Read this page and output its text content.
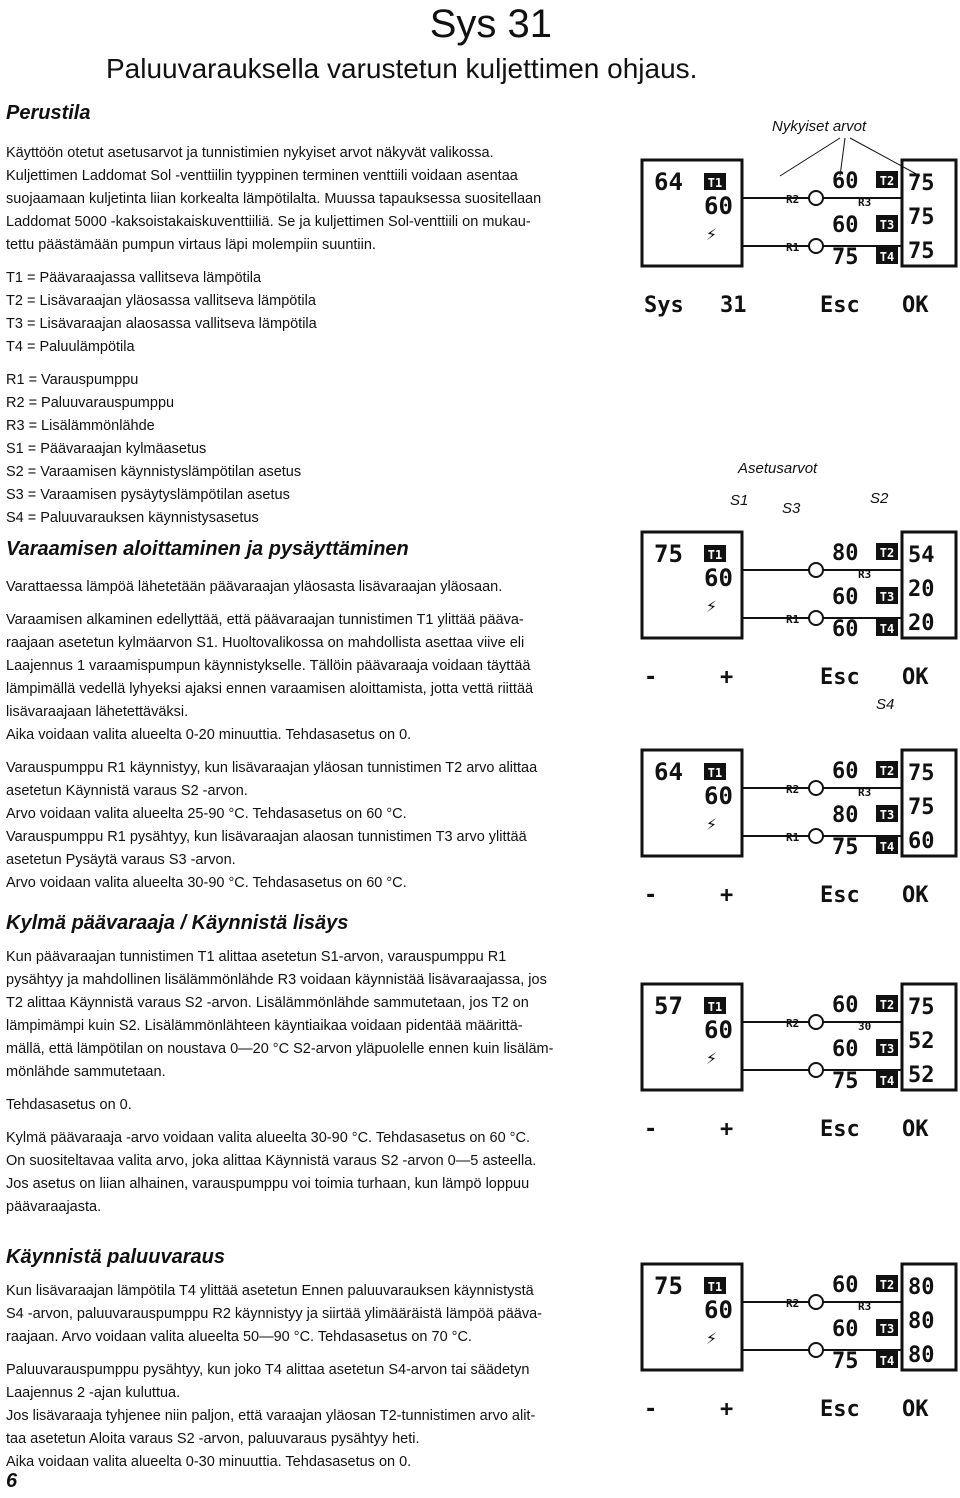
Sys 31
Paluuvarauksella varustetun kuljettimen ohjaus.
Perustila

Käyttöön otetut asetusarvot ja tunnistimien nykyiset arvot näkyvät valikossa.

Kuljettimen Laddomat Sol -venttiilin tyyppinen terminen venttiili voidaan asentaa

suojaamaan kuljetinta liian korkealta lämpötilalta. Muussa tapauksessa suositellaan

Laddomat 5000 -kaksoistakaiskuventtiiliä. Se ja kuljettimen Sol-venttiili on mukau-

tettu päästämään pumpun virtaus läpi molempiin suuntiin.

T1 = Päävaraajassa vallitseva lämpötila

T2 = Lisävaraajan yläosassa vallitseva lämpötila

T3 = Lisävaraajan alaosassa vallitseva lämpötila

T4 = Paluulämpötila

R1 = Varauspumppu

R2 = Paluuvarauspumppu

R3 = Lisälämmönlähde

S1 = Päävaraajan kylmäasetus

S2 = Varaamisen käynnistyslämpötilan asetus

S3 = Varaamisen pysäytyslämpötilan asetus

S4 = Paluuvarauksen käynnistysasetus

Varaamisen aloittaminen ja pysäyttäminen

Varattaessa lämpöä lähetetään päävaraajan yläosasta lisävaraajan yläosaan.

Varaamisen alkaminen edellyttää, että päävaraajan tunnistimen T1 ylittää päävа-

raajaan asetetun kylmäarvon S1. Huoltovalikossa on mahdollista asettaa viive eli

Laajennus 1 varaamispumpun käynnistykselle. Tällöin päävaraaja voidaan täyttää

lämpimällä vedellä lyhyeksi ajaksi ennen varaamisen aloittamista, jotta vettä riittää

lisävaraajaan lähetettäväksi.

Aika voidaan valita alueelta 0-20 minuuttia. Tehdasasetus on 0.

Varauspumppu R1 käynnistyy, kun lisävaraajan yläosan tunnistimen T2 arvo alittaa

asetetun Käynnistä varaus S2 -arvon.

Arvo voidaan valita alueelta 25-90 °C. Tehdasasetus on 60 °C.

Varauspumppu R1 pysähtyy, kun lisävaraajan alaosan tunnistimen T3 arvo ylittää

asetetun Pysäytä varaus S3 -arvon.

Arvo voidaan valita alueelta 30-90 °C. Tehdasasetus on 60 °C.

Kylmä päävaraaja / Käynnistä lisäys

Kun päävaraajan tunnistimen T1 alittaa asetetun S1-arvon, varauspumppu R1

pysähtyy ja mahdollinen lisälämmönlähde R3 voidaan käynnistää lisävaraajassa, jos

T2 alittaa Käynnistä varaus S2 -arvon. Lisälämmönlähde sammutetaan, jos T2 on

lämpimämpi kuin S2. Lisälämmönlähteen käyntiaikaa voidaan pidentää määrittä-

mällä, että lämpötilan on noustava 0—20 °C S2-arvon yläpuolelle ennen kuin lisäläm-

mönlähde sammutetaan.

Tehdasasetus on 0.

Kylmä päävaraaja -arvo voidaan valita alueelta 30-90 °C. Tehdasasetus on 60 °C.

On suositeltavaa valita arvo, joka alittaa Käynnistä varaus S2 -arvon 0—5 asteella.

Jos asetus on liian alhainen, varauspumppu voi toimia turhaan, kun lämpö loppuu

päävaraajasta.

Käynnistä paluuvaraus

Kun lisävaraajan lämpötila T4 ylittää asetetun Ennen paluuvarauksen käynnistystä

S4 -arvon, paluuvarauspumppu R2 käynnistyy ja siirtää ylimääräistä lämpöä päävа-

raajaan. Arvo voidaan valita alueelta 50—90 °C. Tehdasasetus on 70 °C.

Paluuvarauspumppu pysähtyy, kun joko T4 alittaa asetetun S4-arvon tai säädetyn

Laajennus 2 -ajan kuluttua.

Jos lisävaraaja tyhjenee niin paljon, että varaajan yläosan T2-tunnistimen arvo alit-

taa asetetun Aloita varaus S2 -arvon, paluuvaraus pysähtyy heti.

Aika voidaan valita alueelta 0-30 minuuttia. Tehdasasetus on 0.

6
Nykyiset arvot
Asetusarvot
S1 S3
S2
S4
64 T1
60
⚡
75
75
75
R2	R3
R1
60 T2
60 T3
75 T4
Sys 31	Esc OK
75 T1
60
⚡
54
20
20
R3
R1
80 T2
60 T3
60 T4
-	+	Esc OK
64 T1
60
⚡
75
75
60
R2	R3
R1
60 T2
80 T3
75 T4
-	+	Esc OK
57 T1
60
⚡
75
52
52
R2	30
60 T2
60 T3
75 T4
-	+	Esc OK
75 T1
60
⚡
80
80
80
R2	R3
60 T2
60 T3
75 T4
-	+	Esc OK
